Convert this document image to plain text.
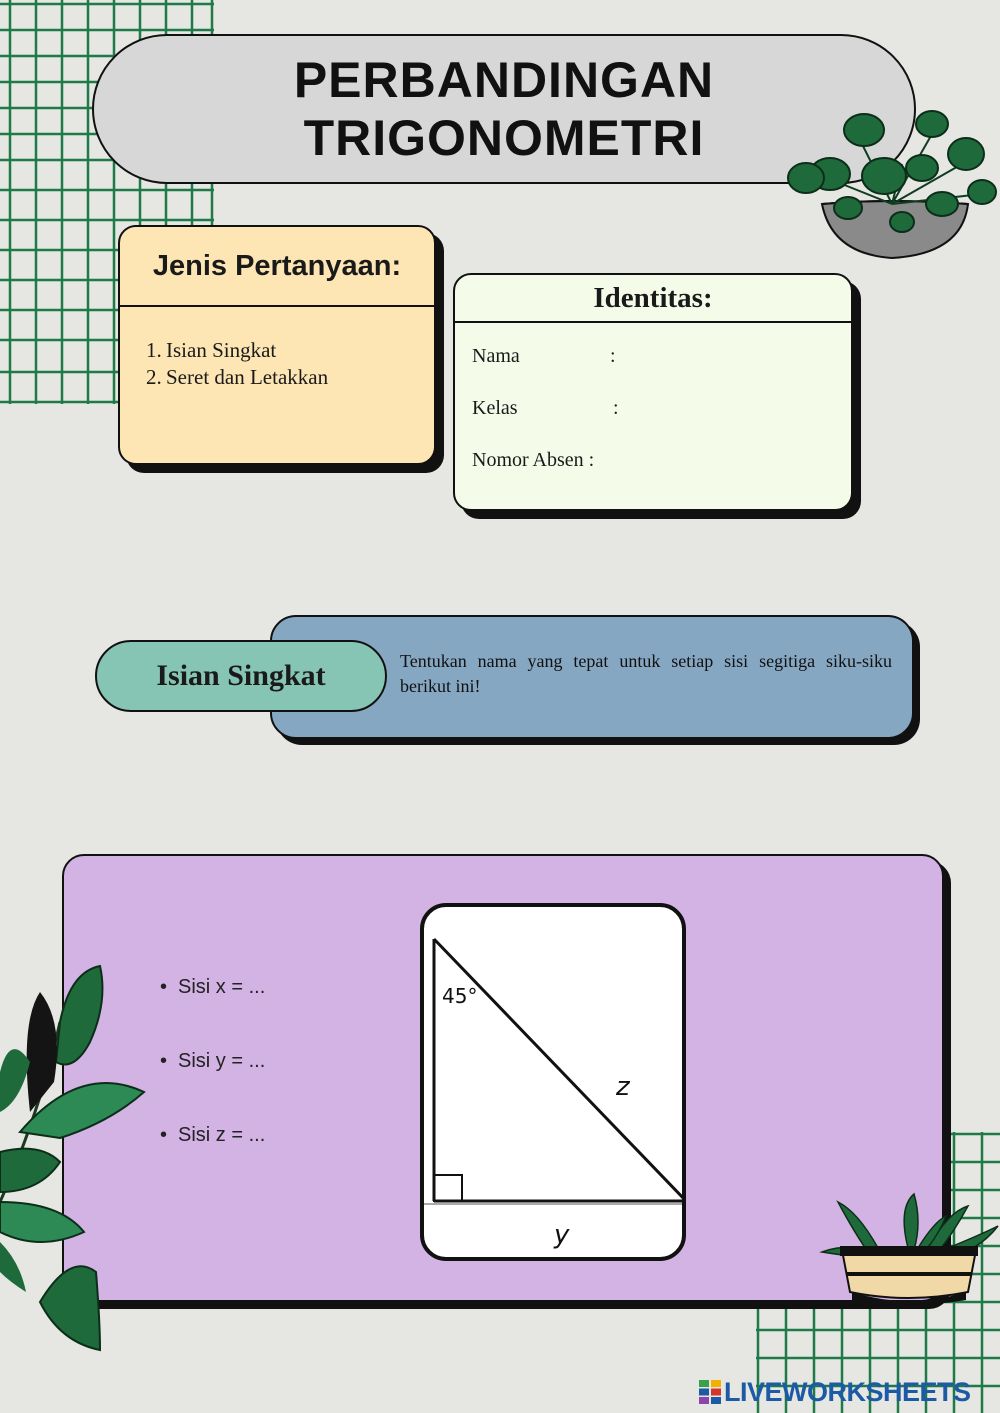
PERBANDINGAN
TRIGONOMETRI
Jenis Pertanyaan:
1. Isian Singkat
2. Seret dan Letakkan
Identitas:
Nama	:
Kelas	:
Nomor Absen :
Tentukan nama yang tepat untuk setiap sisi segitiga siku-siku berikut ini!
Isian Singkat
• Sisi x = ...
• Sisi y = ...
• Sisi z = ...
45°
z
y
LIVEWORKSHEETS
